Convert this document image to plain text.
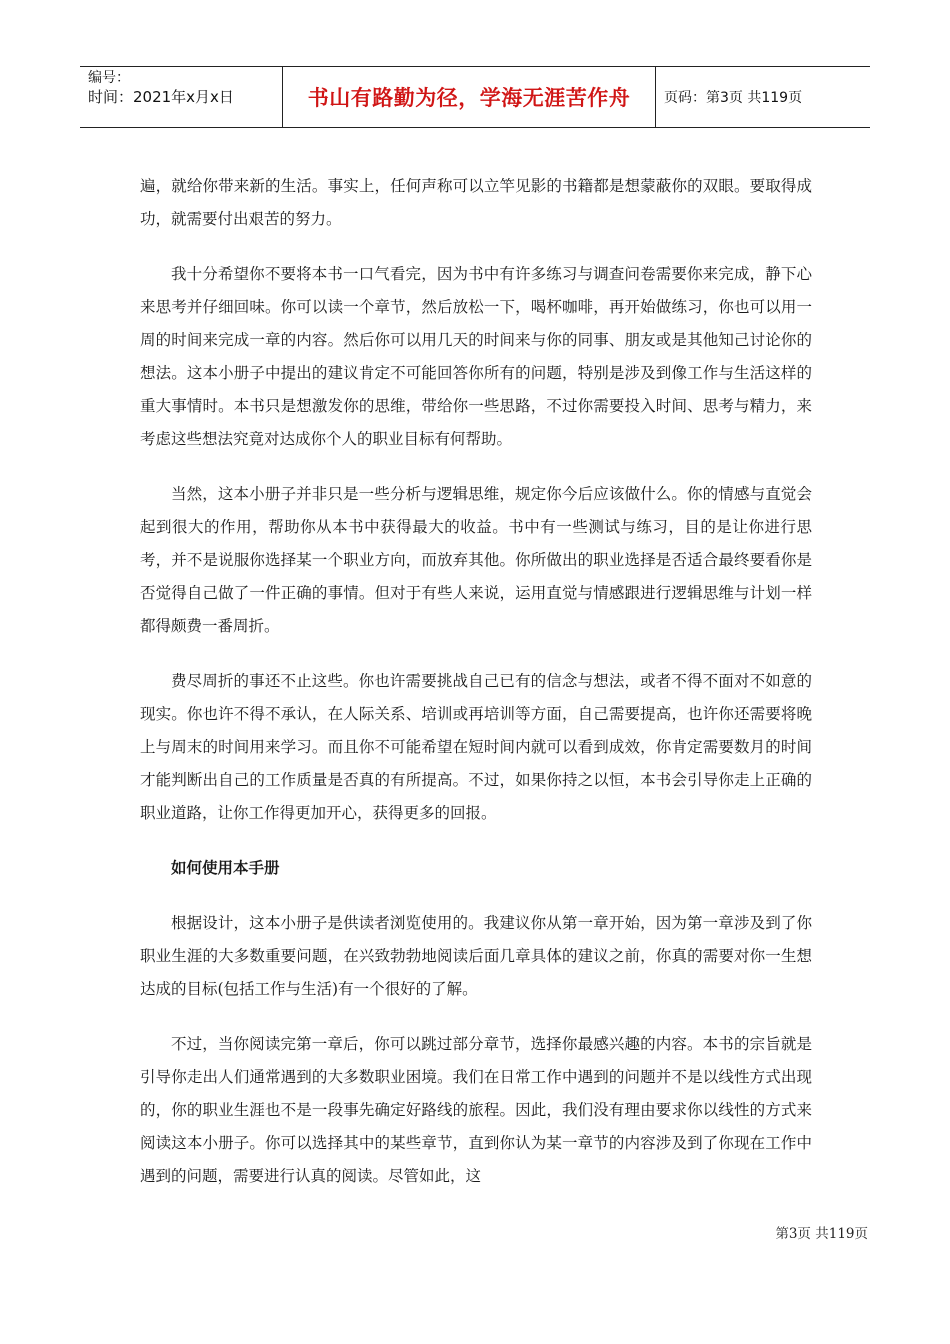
编号：
时间：2021年x月x日	书山有路勤为径，学海无涯苦作舟	页码：第3页 共119页

遍，就给你带来新的生活。事实上，任何声称可以立竿见影的书籍都是想蒙蔽你的双眼。要取得成功，就需要付出艰苦的努力。

我十分希望你不要将本书一口气看完，因为书中有许多练习与调查问卷需要你来完成，静下心来思考并仔细回味。你可以读一个章节，然后放松一下，喝杯咖啡，再开始做练习，你也可以用一周的时间来完成一章的内容。然后你可以用几天的时间来与你的同事、朋友或是其他知己讨论你的想法。这本小册子中提出的建议肯定不可能回答你所有的问题，特别是涉及到像工作与生活这样的重大事情时。本书只是想激发你的思维，带给你一些思路，不过你需要投入时间、思考与精力，来考虑这些想法究竟对达成你个人的职业目标有何帮助。

当然，这本小册子并非只是一些分析与逻辑思维，规定你今后应该做什么。你的情感与直觉会起到很大的作用，帮助你从本书中获得最大的收益。书中有一些测试与练习，目的是让你进行思考，并不是说服你选择某一个职业方向，而放弃其他。你所做出的职业选择是否适合最终要看你是否觉得自己做了一件正确的事情。但对于有些人来说，运用直觉与情感跟进行逻辑思维与计划一样都得颇费一番周折。

费尽周折的事还不止这些。你也许需要挑战自己已有的信念与想法，或者不得不面对不如意的现实。你也许不得不承认，在人际关系、培训或再培训等方面，自己需要提高，也许你还需要将晚上与周末的时间用来学习。而且你不可能希望在短时间内就可以看到成效，你肯定需要数月的时间才能判断出自己的工作质量是否真的有所提高。不过，如果你持之以恒，本书会引导你走上正确的职业道路，让你工作得更加开心，获得更多的回报。

如何使用本手册

根据设计，这本小册子是供读者浏览使用的。我建议你从第一章开始，因为第一章涉及到了你职业生涯的大多数重要问题，在兴致勃勃地阅读后面几章具体的建议之前，你真的需要对你一生想达成的目标(包括工作与生活)有一个很好的了解。

不过，当你阅读完第一章后，你可以跳过部分章节，选择你最感兴趣的内容。本书的宗旨就是引导你走出人们通常遇到的大多数职业困境。我们在日常工作中遇到的问题并不是以线性方式出现的，你的职业生涯也不是一段事先确定好路线的旅程。因此，我们没有理由要求你以线性的方式来阅读这本小册子。你可以选择其中的某些章节，直到你认为某一章节的内容涉及到了你现在工作中遇到的问题，需要进行认真的阅读。尽管如此，这

第3页 共119页
